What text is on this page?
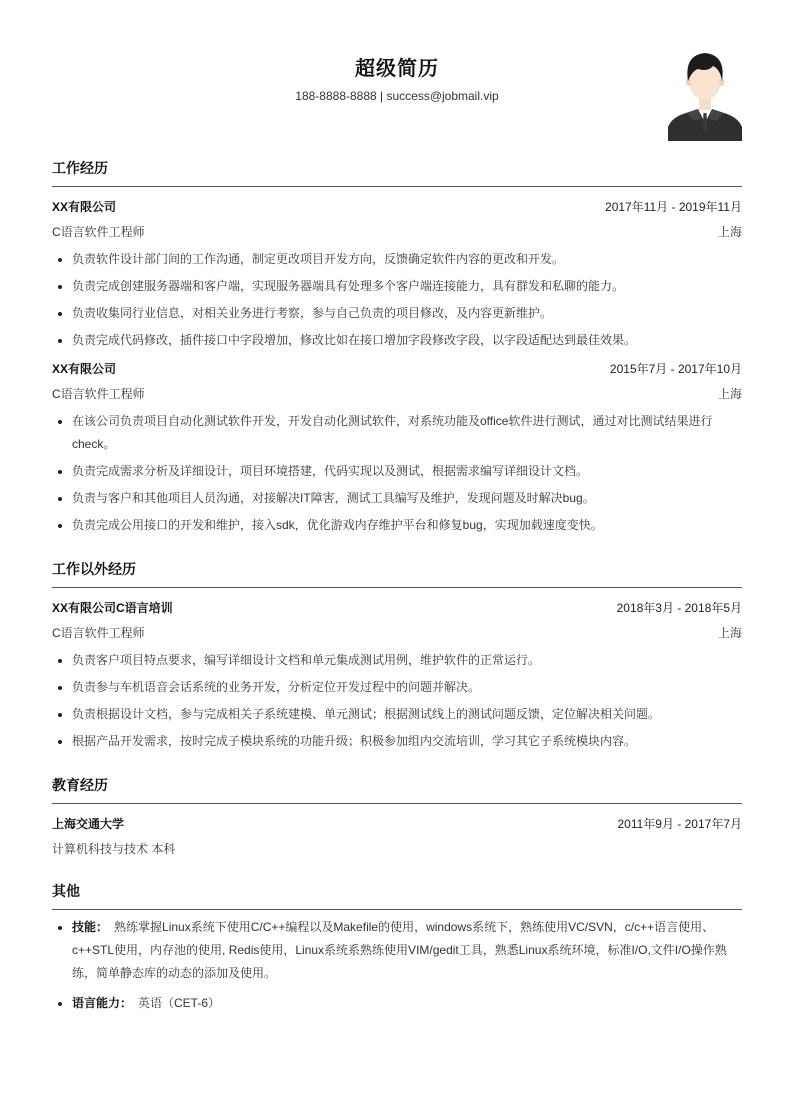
超级简历
188-8888-8888 | success@jobmail.vip
工作经历
XX有限公司	2017年11月 - 2019年11月
C语言软件工程师	上海
• 负责软件设计部门间的工作沟通，制定更改项目开发方向，反馈确定软件内容的更改和开发。
• 负责完成创建服务器端和客户端，实现服务器端具有处理多个客户端连接能力，具有群发和私聊的能力。
• 负责收集同行业信息，对相关业务进行考察，参与自己负责的项目修改，及内容更新维护。
• 负责完成代码修改，插件接口中字段增加，修改比如在接口增加字段修改字段，以字段适配达到最佳效果。
XX有限公司	2015年7月 - 2017年10月
C语言软件工程师	上海
• 在该公司负责项目自动化测试软件开发，开发自动化测试软件，对系统功能及office软件进行测试，通过对比测试结果进行check。
• 负责完成需求分析及详细设计，项目环境搭建，代码实现以及测试，根据需求编写详细设计文档。
• 负责与客户和其他项目人员沟通，对接解决IT障害，测试工具编写及维护，发现问题及时解决bug。
• 负责完成公用接口的开发和维护，接入sdk，优化游戏内存维护平台和修复bug，实现加载速度变快。
工作以外经历
XX有限公司C语言培训	2018年3月 - 2018年5月
C语言软件工程师	上海
• 负责客户项目特点要求，编写详细设计文档和单元集成测试用例，维护软件的正常运行。
• 负责参与车机语音会话系统的业务开发，分析定位开发过程中的问题并解决。
• 负责根据设计文档，参与完成相关子系统建模、单元测试；根据测试线上的测试问题反馈，定位解决相关问题。
• 根据产品开发需求，按时完成子模块系统的功能升级；积极参加组内交流培训，学习其它子系统模块内容。
教育经历
上海交通大学	2011年9月 - 2017年7月
计算机科技与技术 本科
其他
• 技能： 熟练掌握Linux系统下使用C/C++编程以及Makefile的使用，windows系统下，熟练使用VC/SVN，c/c++语言使用、c++STL使用，内存池的使用, Redis使用，Linux系统系熟练使用VIM/gedit工具，熟悉Linux系统环境，标准I/O,文件I/O操作熟练，简单静态库的动态的添加及使用。
• 语言能力： 英语（CET-6）
